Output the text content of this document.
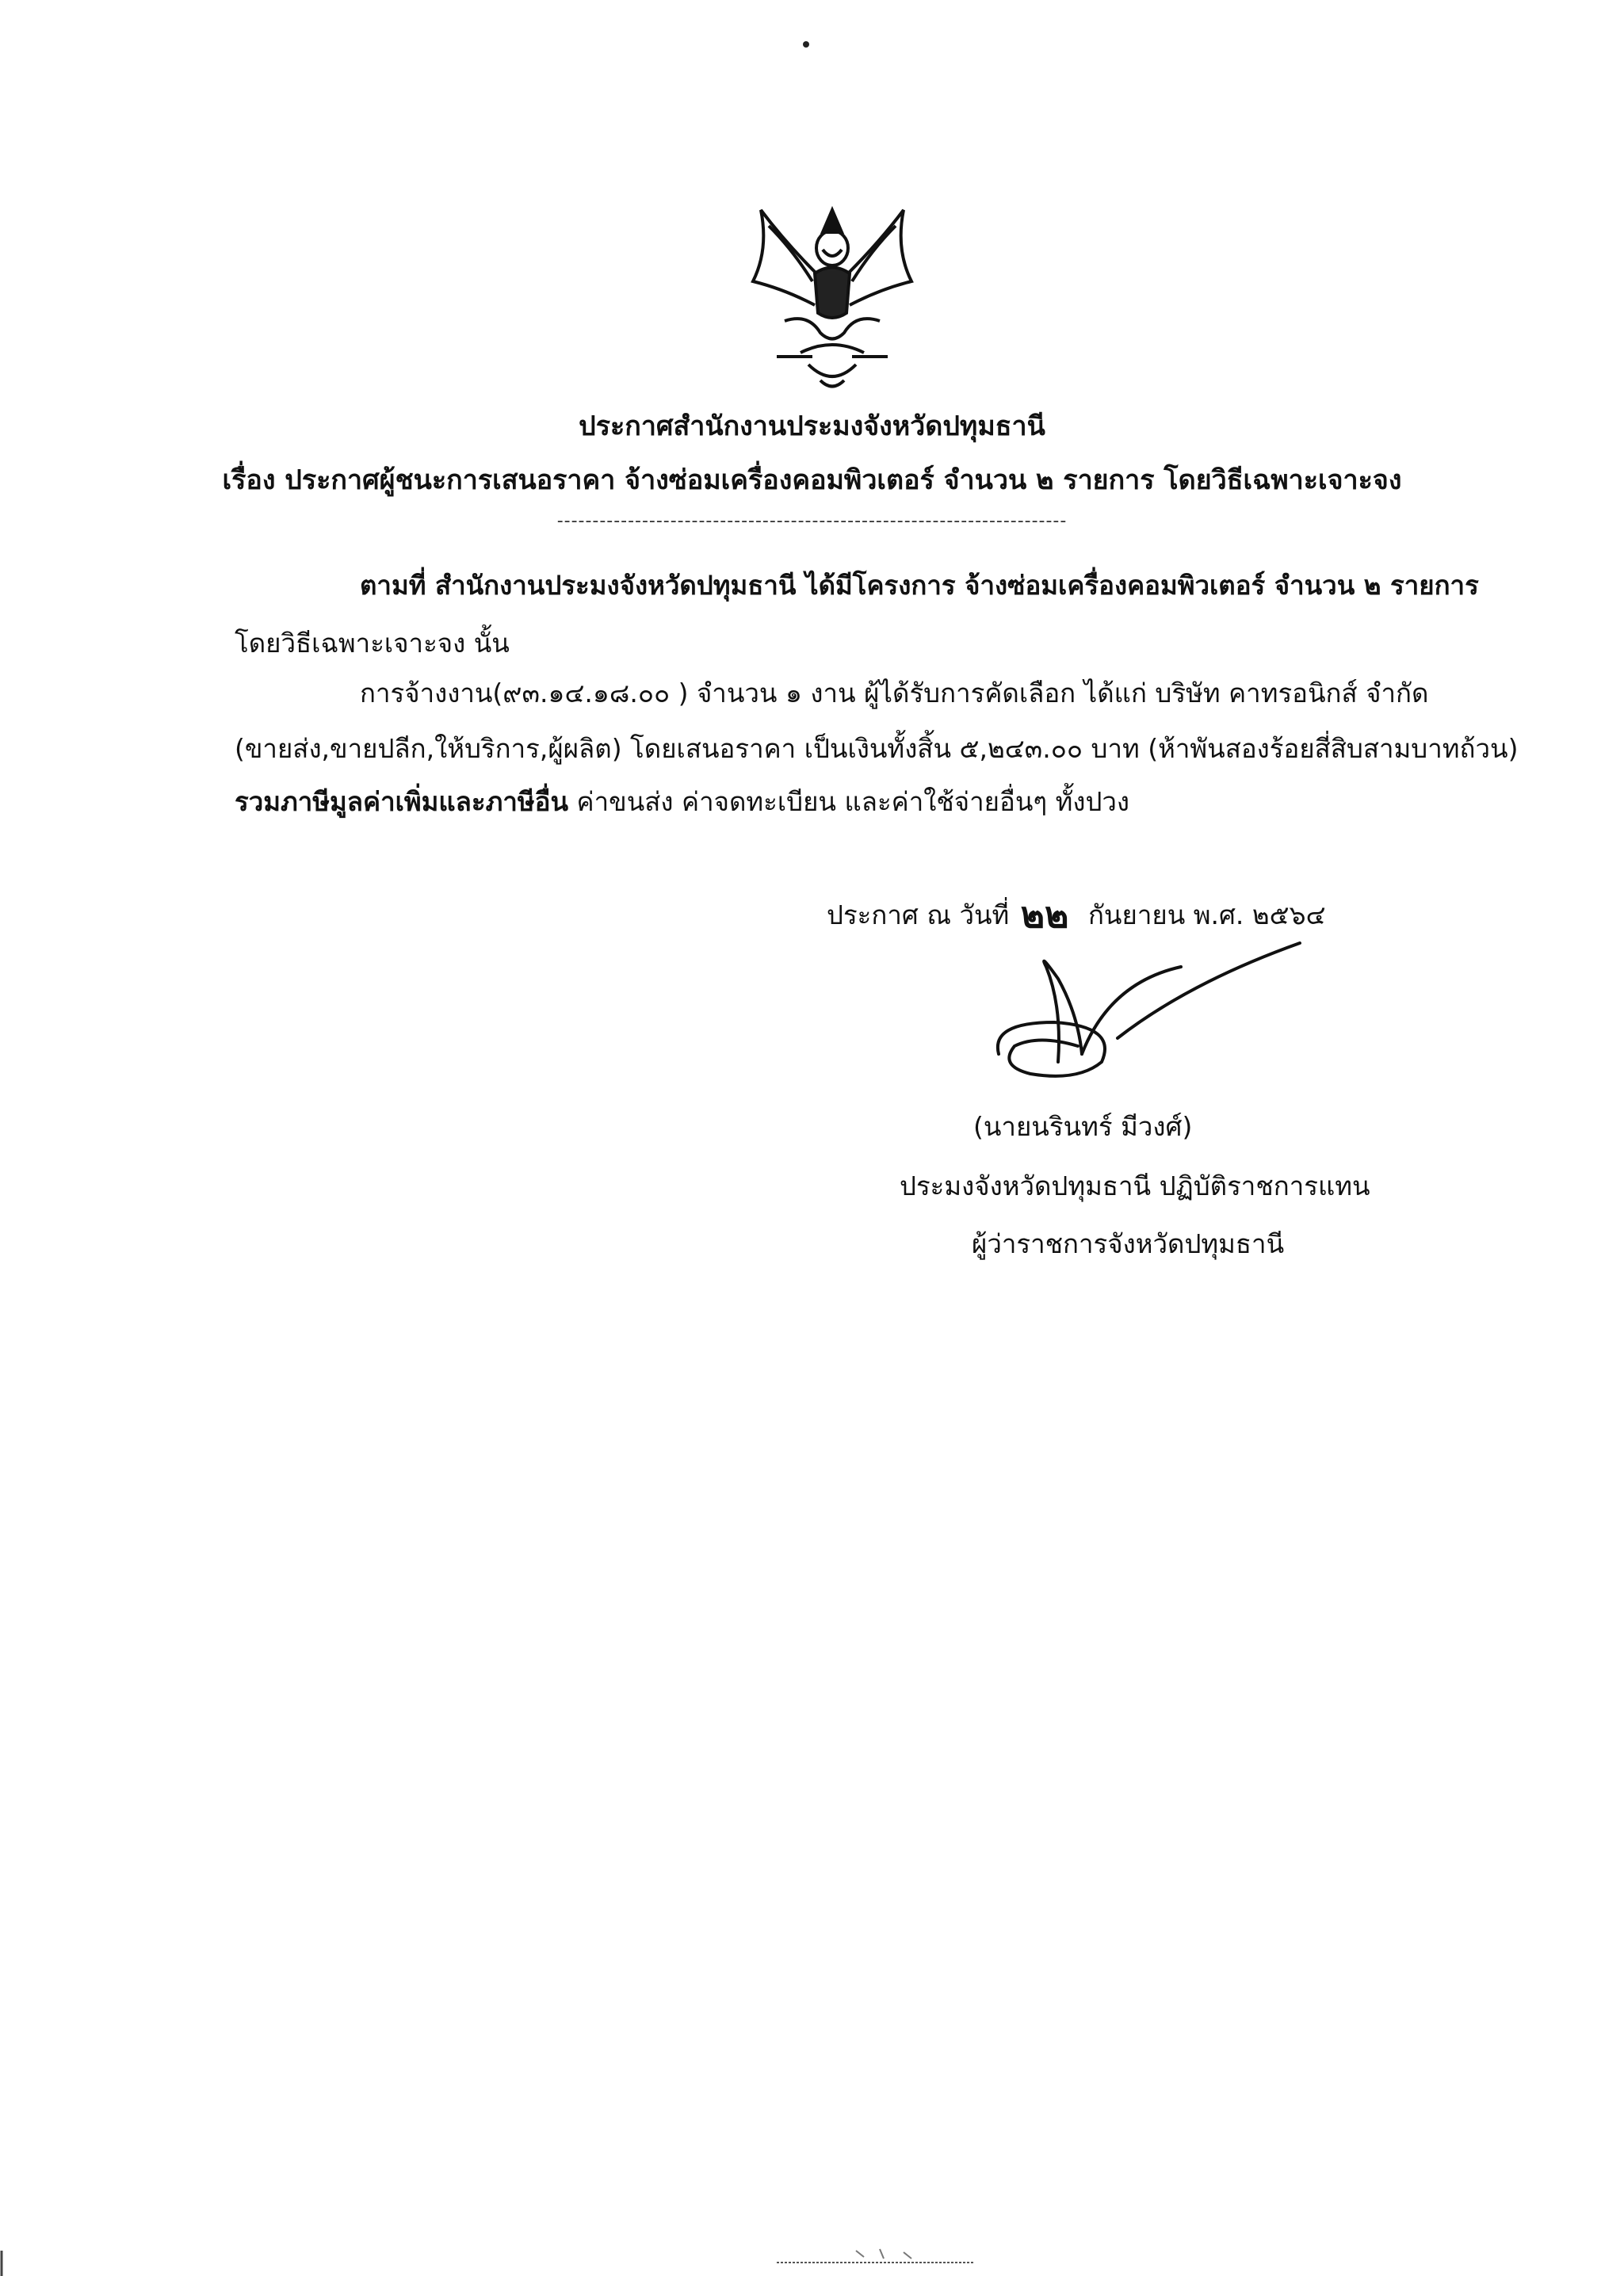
ประกาศสำนักงานประมงจังหวัดปทุมธานี
เรื่อง ประกาศผู้ชนะการเสนอราคา จ้างซ่อมเครื่องคอมพิวเตอร์ จำนวน ๒ รายการ โดยวิธีเฉพาะเจาะจง
------------------------------------------------------------------------
ตามที่ สำนักงานประมงจังหวัดปทุมธานี ได้มีโครงการ จ้างซ่อมเครื่องคอมพิวเตอร์ จำนวน ๒ รายการ
โดยวิธีเฉพาะเจาะจง นั้น
การจ้างงาน(๙๓.๑๔.๑๘.๐๐ ) จำนวน ๑ งาน ผู้ได้รับการคัดเลือก ได้แก่ บริษัท คาทรอนิกส์ จำกัด
(ขายส่ง,ขายปลีก,ให้บริการ,ผู้ผลิต) โดยเสนอราคา เป็นเงินทั้งสิ้น ๕,๒๔๓.๐๐ บาท (ห้าพันสองร้อยสี่สิบสามบาทถ้วน)
รวมภาษีมูลค่าเพิ่มและภาษีอื่น ค่าขนส่ง ค่าจดทะเบียน และค่าใช้จ่ายอื่นๆ ทั้งปวง
ประกาศ ณ วันที่ ๒๒ กันยายน พ.ศ. ๒๕๖๔
(นายนรินทร์ มีวงศ์)
ประมงจังหวัดปทุมธานี ปฏิบัติราชการแทน
ผู้ว่าราชการจังหวัดปทุมธานี
